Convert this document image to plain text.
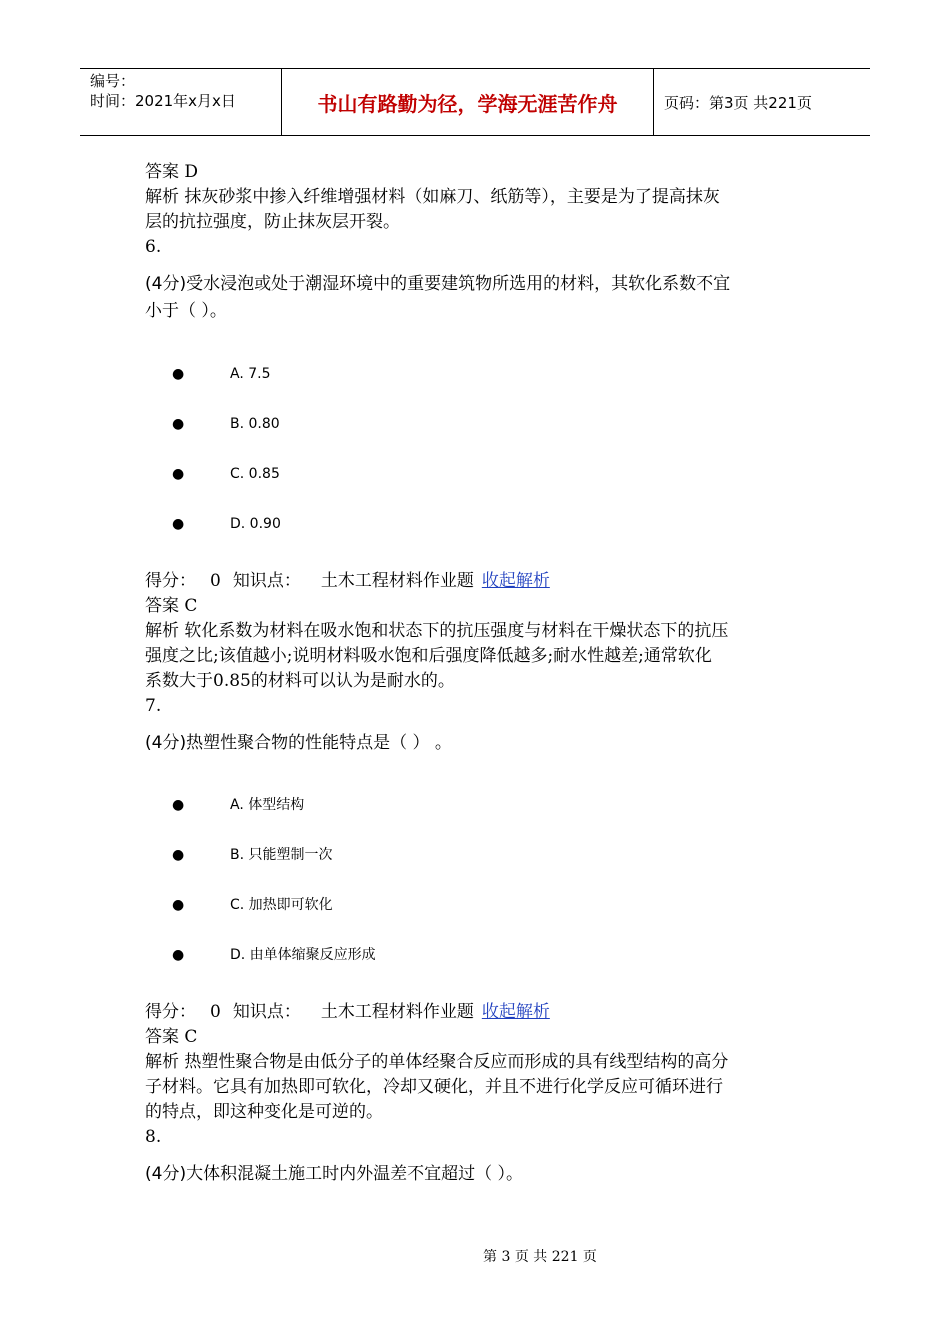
编号：
时间：2021年x月x日	书山有路勤为径，学海无涯苦作舟	页码：第3页 共221页
答案 D
解析 抹灰砂浆中掺入纤维增强材料（如麻刀、纸筋等），主要是为了提高抹灰
层的抗拉强度，防止抹灰层开裂。
6.
(4分)受水浸泡或处于潮湿环境中的重要建筑物所选用的材料，其软化系数不宜
小于（ ）。
●	A. 7.5
●	B. 0.80
●	C. 0.85
●	D. 0.90
得分： 0 知识点： 土木工程材料作业题 收起解析
答案 C
解析 软化系数为材料在吸水饱和状态下的抗压强度与材料在干燥状态下的抗压
强度之比;该值越小;说明材料吸水饱和后强度降低越多;耐水性越差;通常软化
系数大于0.85的材料可以认为是耐水的。
7.
(4分)热塑性聚合物的性能特点是（ ） 。
●	A. 体型结构
●	B. 只能塑制一次
●	C. 加热即可软化
●	D. 由单体缩聚反应形成
得分： 0 知识点： 土木工程材料作业题 收起解析
答案 C
解析 热塑性聚合物是由低分子的单体经聚合反应而形成的具有线型结构的高分
子材料。它具有加热即可软化，冷却又硬化，并且不进行化学反应可循环进行
的特点，即这种变化是可逆的。
8.
(4分)大体积混凝土施工时内外温差不宜超过（ ）。
第 3 页 共 221 页
